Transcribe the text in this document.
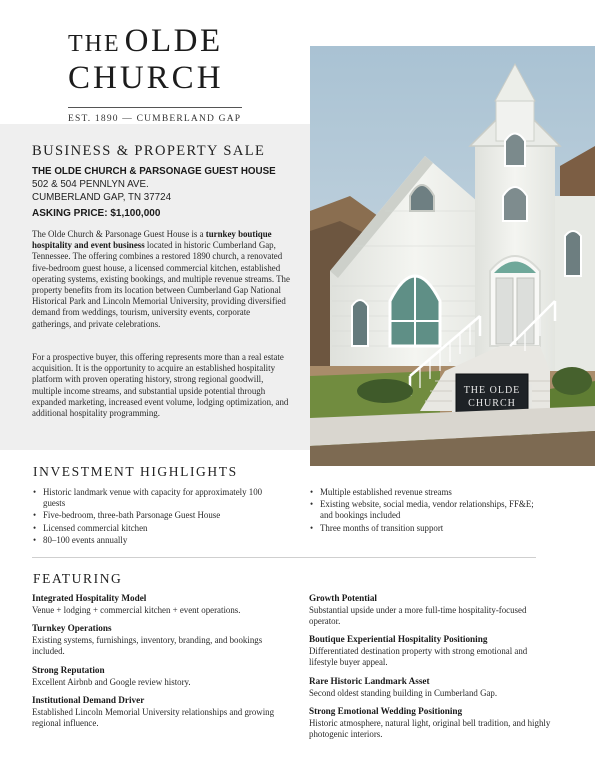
THE OLDE
CHURCH
EST. 1890 — CUMBERLAND GAP
THE OLDE
CHURCH
BUSINESS & PROPERTY SALE
THE OLDE CHURCH & PARSONAGE GUEST HOUSE
502 & 504 PENNLYN AVE.
CUMBERLAND GAP, TN 37724
ASKING PRICE: $1,100,000
The Olde Church & Parsonage Guest House is a turnkey boutique hospitality and event business located in historic Cumberland Gap, Tennessee. The offering combines a restored 1890 church, a renovated five-bedroom guest house, a licensed commercial kitchen, established operating systems, existing bookings, and multiple revenue streams. The property benefits from its location between Cumberland Gap National Historical Park and Lincoln Memorial University, providing diversified demand from weddings, tourism, university events, corporate gatherings, and private celebrations.
For a prospective buyer, this offering represents more than a real estate acquisition. It is the opportunity to acquire an established hospitality platform with proven operating history, strong regional goodwill, multiple income streams, and substantial upside potential through expanded marketing, increased event volume, lodging optimization, and additional hospitality programming.
INVESTMENT HIGHLIGHTS
• Historic landmark venue with capacity for approximately 100 guests
• Five-bedroom, three-bath Parsonage Guest House
• Licensed commercial kitchen
• 80–100 events annually
• Multiple established revenue streams
• Existing website, social media, vendor relationships, FF&E; and bookings included
• Three months of transition support
FEATURING
Integrated Hospitality Model
Venue + lodging + commercial kitchen + event operations.
Turnkey Operations
Existing systems, furnishings, inventory, branding, and bookings included.
Strong Reputation
Excellent Airbnb and Google review history.
Institutional Demand Driver
Established Lincoln Memorial University relationships and growing regional influence.
Growth Potential
Substantial upside under a more full-time hospitality-focused operator.
Boutique Experiential Hospitality Positioning
Differentiated destination property with strong emotional and lifestyle buyer appeal.
Rare Historic Landmark Asset
Second oldest standing building in Cumberland Gap.
Strong Emotional Wedding Positioning
Historic atmosphere, natural light, original bell tradition, and highly photogenic interiors.
